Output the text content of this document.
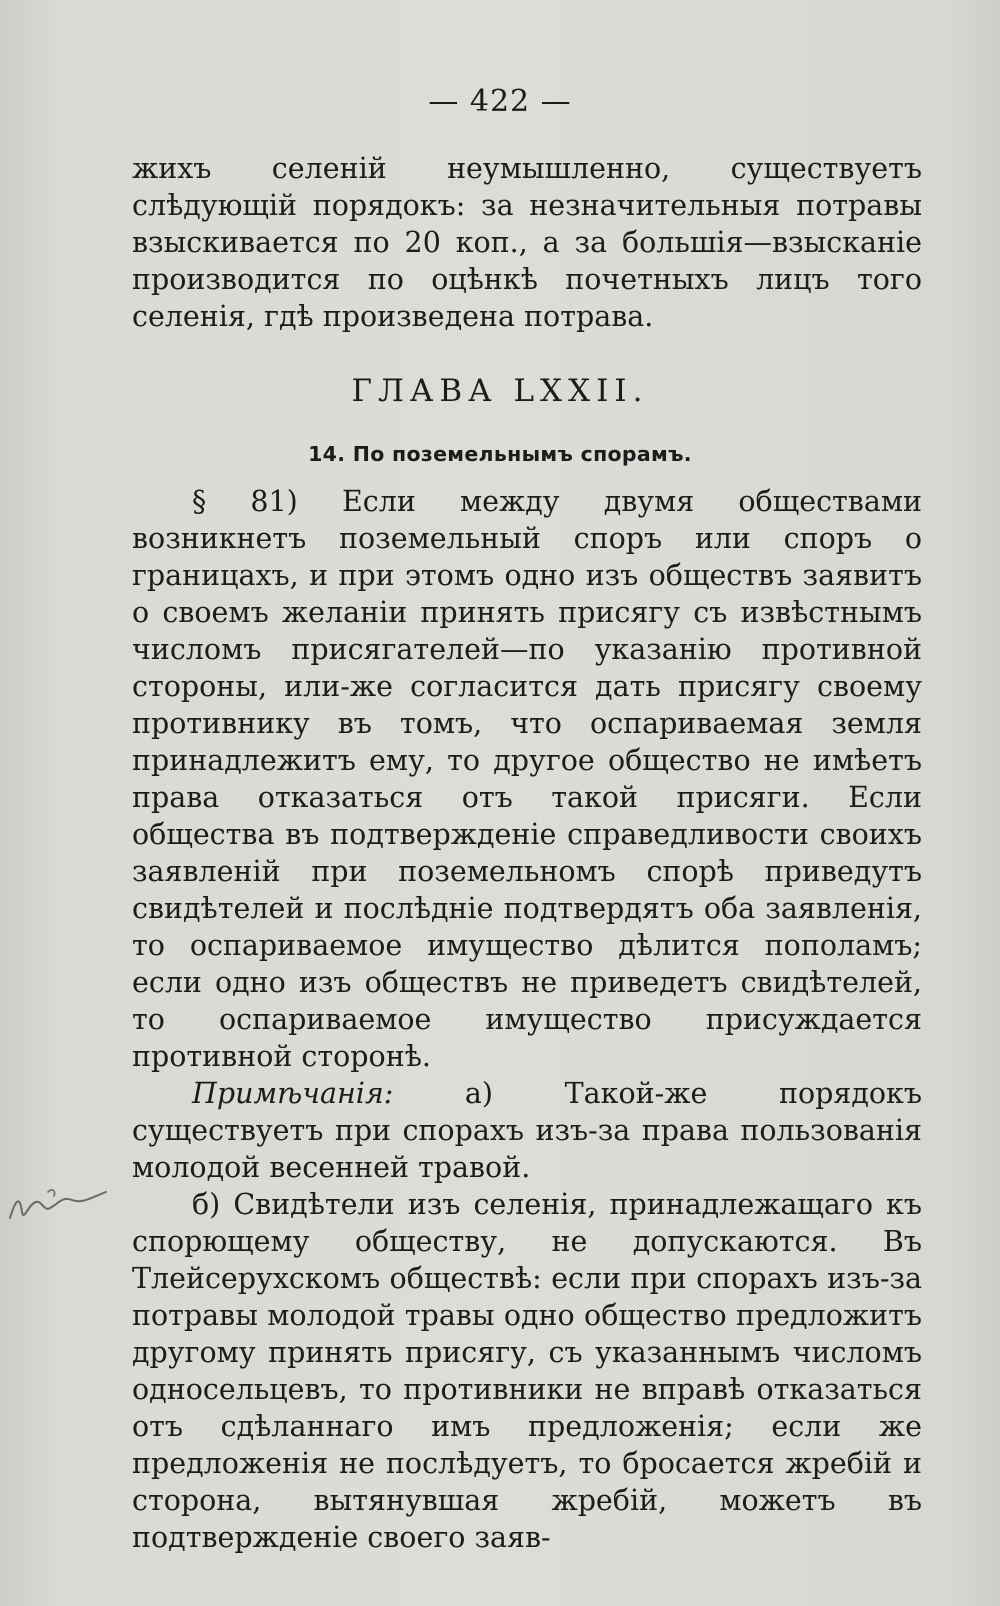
— 422 —

жихъ селеній неумышленно, существуетъ слѣдующій порядокъ: за незначительныя потравы взыскивается по 20 коп., а за большія—взысканіе производится по оцѣнкѣ почетныхъ лицъ того селенія, гдѣ произведена потрава.

ГЛАВА LXXII.
14. По поземельнымъ спорамъ.

§ 81) Если между двумя обществами возникнетъ поземельный споръ или споръ о границахъ, и при этомъ одно изъ обществъ заявитъ о своемъ желаніи принять присягу съ извѣстнымъ числомъ присягателей—по указанію противной стороны, или-же согласится дать присягу своему противнику въ томъ, что оспариваемая земля принадлежитъ ему, то другое общество не имѣетъ права отказаться отъ такой присяги. Если общества въ подтвержденіе справедливости своихъ заявленій при поземельномъ спорѣ приведутъ свидѣтелей и послѣдніе подтвердятъ оба заявленія, то оспариваемое имущество дѣлится пополамъ; если одно изъ обществъ не приведетъ свидѣтелей, то оспариваемое имущество присуждается противной сторонѣ.

Примѣчанія: а) Такой-же порядокъ существуетъ при спорахъ изъ-за права пользованія молодой весенней травой.

б) Свидѣтели изъ селенія, принадлежащаго къ спорющему обществу, не допускаются. Въ Тлейсерухскомъ обществѣ: если при спорахъ изъ-за потравы молодой травы одно общество предложитъ другому принять присягу, съ указаннымъ числомъ односельцевъ, то противники не вправѣ отказаться отъ сдѣланнаго имъ предложенія; если же предложенія не послѣдуетъ, то бросается жребій и сторона, вытянувшая жребій, можетъ въ подтвержденіе своего заяв-
